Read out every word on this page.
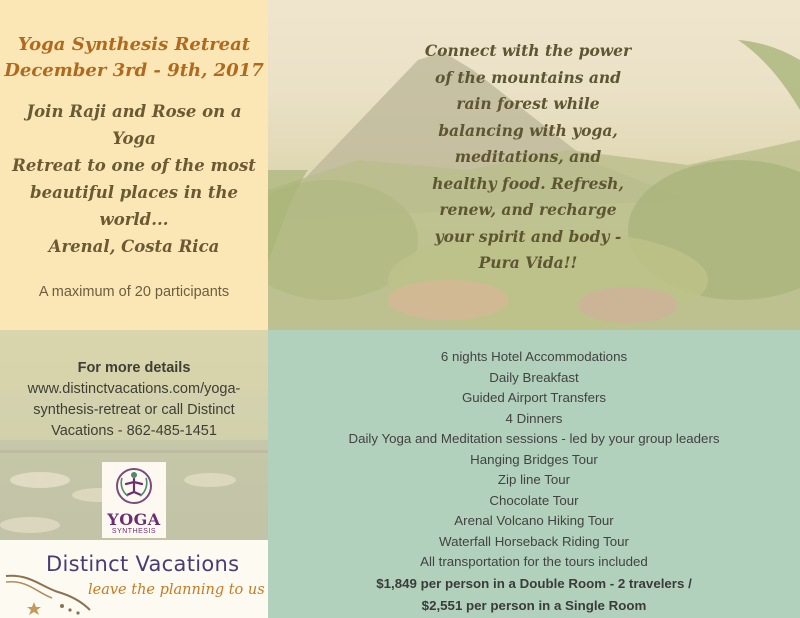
Yoga Synthesis Retreat
December 3rd - 9th, 2017
Join Raji and Rose on a Yoga
Retreat to one of the most
beautiful places in the world...
Arenal, Costa Rica
A maximum of 20 participants
Connect with the power
of the mountains and
rain forest while
balancing with yoga,
meditations, and
healthy food. Refresh,
renew, and recharge
your spirit and body -
Pura Vida!!
For more details
www.distinctvacations.com/yoga-
synthesis-retreat or call Distinct
Vacations - 862-485-1451
YOGA
SYNTHESIS
Distinct Vacations
leave the planning to us
6 nights Hotel Accommodations
Daily Breakfast
Guided Airport Transfers
4 Dinners
Daily Yoga and Meditation sessions - led by your group leaders
Hanging Bridges Tour
Zip line Tour
Chocolate Tour
Arenal Volcano Hiking Tour
Waterfall Horseback Riding Tour
All transportation for the tours included
$1,849 per person in a Double Room - 2 travelers /
$2,551 per person in a Single Room
